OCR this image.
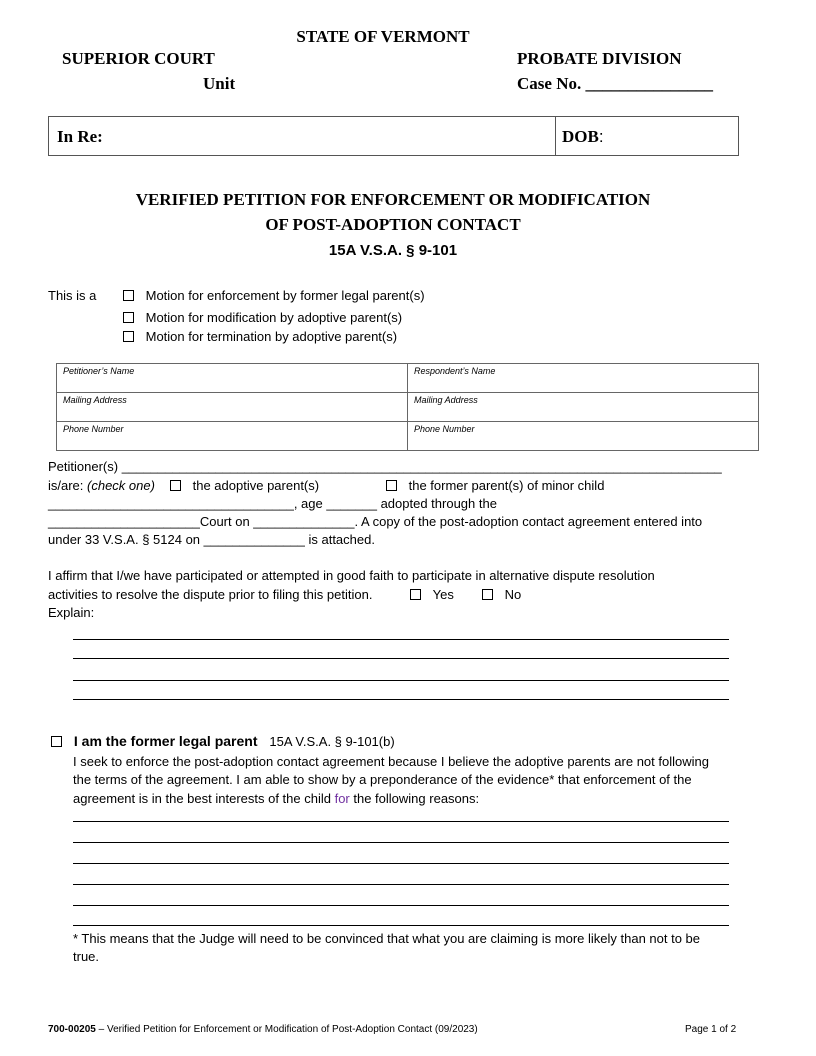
STATE OF VERMONT
SUPERIOR COURT
Unit
PROBATE DIVISION
Case No. _______________
In Re:	DOB:
VERIFIED PETITION FOR ENFORCEMENT OR MODIFICATION
OF POST-ADOPTION CONTACT
15A V.S.A. § 9-101
This is a	Motion for enforcement by former legal parent(s)
Motion for modification by adoptive parent(s)
Motion for termination by adoptive parent(s)
Petitioner’s Name	Respondent’s Name
Mailing Address	Mailing Address
Phone Number	Phone Number
Petitioner(s) ___________________________________________________________________________________
is/are: (check one)	the adoptive parent(s)	the former parent(s) of minor child
__________________________________, age _______ adopted through the
_____________________Court on ______________. A copy of the post-adoption contact agreement entered into
under 33 V.S.A. § 5124 on ______________ is attached.
I affirm that I/we have participated or attempted in good faith to participate in alternative dispute resolution
activities to resolve the dispute prior to filing this petition.	Yes	No
Explain:
I am the former legal parent 15A V.S.A. § 9-101(b)
I seek to enforce the post-adoption contact agreement because I believe the adoptive parents are not following
the terms of the agreement. I am able to show by a preponderance of the evidence* that enforcement of the
agreement is in the best interests of the child for the following reasons:
* This means that the Judge will need to be convinced that what you are claiming is more likely than not to be
true.
700-00205 – Verified Petition for Enforcement or Modification of Post-Adoption Contact (09/2023)	Page 1 of 2
